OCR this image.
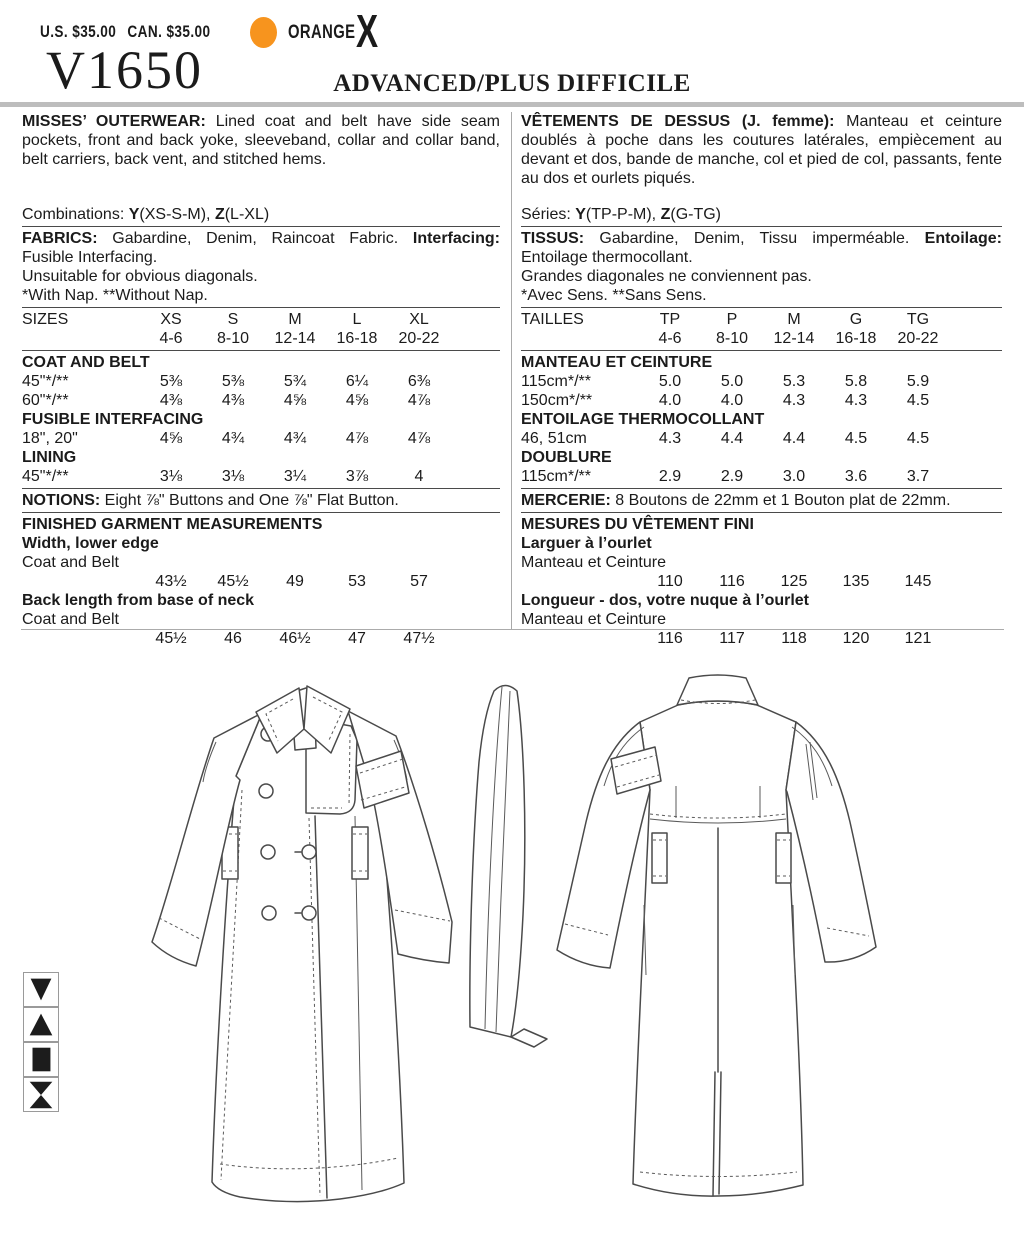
U.S. $35.00 CAN. $35.00	ORANGE X
V1650	ADVANCED/PLUS DIFFICILE

MISSES’ OUTERWEAR: Lined coat and belt have side seam pockets, front and back yoke, sleeveband, collar and collar band, belt carriers, back vent, and stitched hems.

Combinations: Y(XS-S-M), Z(L-XL)

FABRICS: Gabardine, Denim, Raincoat Fabric. Interfacing: Fusible Interfacing.

Unsuitable for obvious diagonals.

*With Nap. **Without Nap.

SIZES	XS	S	M	L	XL
4-6	8-10	12-14	16-18	20-22
COAT AND BELT
45"*/**	5⅜	5⅜	5¾	6¼	6⅜
60"*/**	4⅜	4⅜	4⅝	4⅝	4⅞
FUSIBLE INTERFACING
18", 20"	4⅝	4¾	4¾	4⅞	4⅞
LINING
45"*/**	3⅛	3⅛	3¼	3⅞	4

NOTIONS: Eight ⅞" Buttons and One ⅞" Flat Button.

FINISHED GARMENT MEASUREMENTS
Width, lower edge
Coat and Belt
43½	45½	49	53	57
Back length from base of neck
Coat and Belt
45½	46	46½	47	47½

VÊTEMENTS DE DESSUS (J. femme): Manteau et ceinture doublés à poche dans les coutures latérales, empiècement au devant et dos, bande de manche, col et pied de col, passants, fente au dos et ourlets piqués.

Séries: Y(TP-P-M), Z(G-TG)

TISSUS: Gabardine, Denim, Tissu imperméable. Entoilage: Entoilage thermocollant.

Grandes diagonales ne conviennent pas.

*Avec Sens. **Sans Sens.

TAILLES	TP	P	M	G	TG
4-6	8-10	12-14	16-18	20-22
MANTEAU ET CEINTURE
115cm*/**	5.0	5.0	5.3	5.8	5.9
150cm*/**	4.0	4.0	4.3	4.3	4.5
ENTOILAGE THERMOCOLLANT
46, 51cm	4.3	4.4	4.4	4.5	4.5
DOUBLURE
115cm*/**	2.9	2.9	3.0	3.6	3.7

MERCERIE: 8 Boutons de 22mm et 1 Bouton plat de 22mm.

MESURES DU VÊTEMENT FINI
Larguer à l’ourlet
Manteau et Ceinture
110	116	125	135	145
Longueur - dos, votre nuque à l’ourlet
Manteau et Ceinture
116	117	118	120	121
